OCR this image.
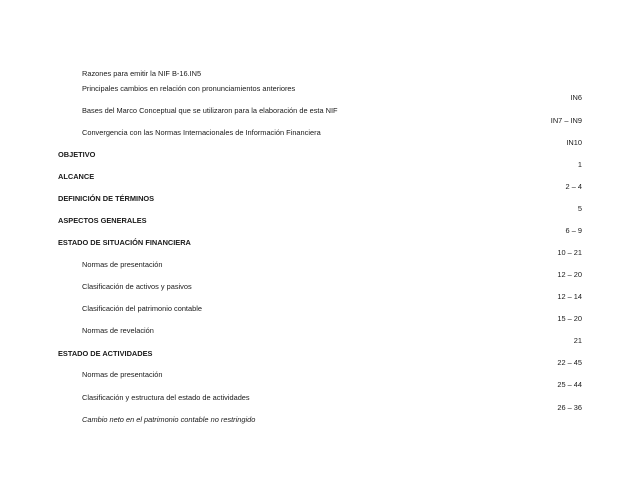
Razones para emitir la NIF B-16.IN5
Principales cambios en relación con pronunciamientos anteriores
IN6
Bases del Marco Conceptual que se utilizaron para la elaboración de esta NIF
IN7 – IN9
Convergencia con las Normas Internacionales de Información Financiera
IN10
OBJETIVO
1
ALCANCE
2 – 4
DEFINICIÓN DE TÉRMINOS
5
ASPECTOS GENERALES
6 – 9
ESTADO DE SITUACIÓN FINANCIERA
10 – 21
Normas de presentación
12 – 20
Clasificación de activos y pasivos
12 – 14
Clasificación del patrimonio contable
15 – 20
Normas de revelación
21
ESTADO DE ACTIVIDADES
22 – 45
Normas de presentación
25 – 44
Clasificación y estructura del estado de actividades
26 – 36
Cambio neto en el patrimonio contable no restringido
